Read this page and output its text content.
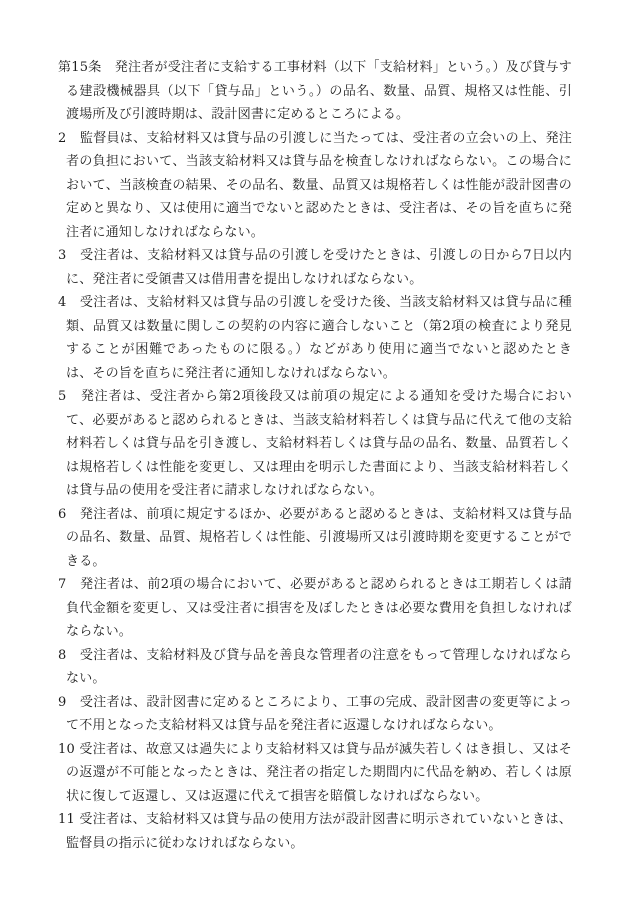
第15条　 発注者が受注者に支給する工事材料（以下「支給材料」という。）及び貸与する建設機械器具（以下「貸与品」という。）の品名、数量、品質、規格又は性能、引渡場所及び引渡時期は、設計図書に定めるところによる。

2　 監督員は、支給材料又は貸与品の引渡しに当たっては、受注者の立会いの上、発注者の負担において、当該支給材料又は貸与品を検査しなければならない。この場合において、当該検査の結果、その品名、数量、品質又は規格若しくは性能が設計図書の定めと異なり、又は使用に適当でないと認めたときは、受注者は、その旨を直ちに発注者に通知しなければならない。

3　 受注者は、支給材料又は貸与品の引渡しを受けたときは、引渡しの日から7日以内に、発注者に受領書又は借用書を提出しなければならない。

4　 受注者は、支給材料又は貸与品の引渡しを受けた後、当該支給材料又は貸与品に種類、品質又は数量に関しこの契約の内容に適合しないこと（第2項の検査により発見することが困難であったものに限る。）などがあり使用に適当でないと認めたときは、その旨を直ちに発注者に通知しなければならない。

5　 発注者は、受注者から第2項後段又は前項の規定による通知を受けた場合において、必要があると認められるときは、当該支給材料若しくは貸与品に代えて他の支給材料若しくは貸与品を引き渡し、支給材料若しくは貸与品の品名、数量、品質若しくは規格若しくは性能を変更し、又は理由を明示した書面により、当該支給材料若しくは貸与品の使用を受注者に請求しなければならない。

6　 発注者は、前項に規定するほか、必要があると認めるときは、支給材料又は貸与品の品名、数量、品質、規格若しくは性能、引渡場所又は引渡時期を変更することができる。

7　 発注者は、前2項の場合において、必要があると認められるときは工期若しくは請負代金額を変更し、又は受注者に損害を及ぼしたときは必要な費用を負担しなければならない。

8　 受注者は、支給材料及び貸与品を善良な管理者の注意をもって管理しなければならない。

9　 受注者は、設計図書に定めるところにより、工事の完成、設計図書の変更等によって不用となった支給材料又は貸与品を発注者に返還しなければならない。

10 受注者は、故意又は過失により支給材料又は貸与品が滅失若しくはき損し、又はその返還が不可能となったときは、発注者の指定した期間内に代品を納め、若しくは原状に復して返還し、又は返還に代えて損害を賠償しなければならない。

11 受注者は、支給材料又は貸与品の使用方法が設計図書に明示されていないときは、監督員の指示に従わなければならない。
